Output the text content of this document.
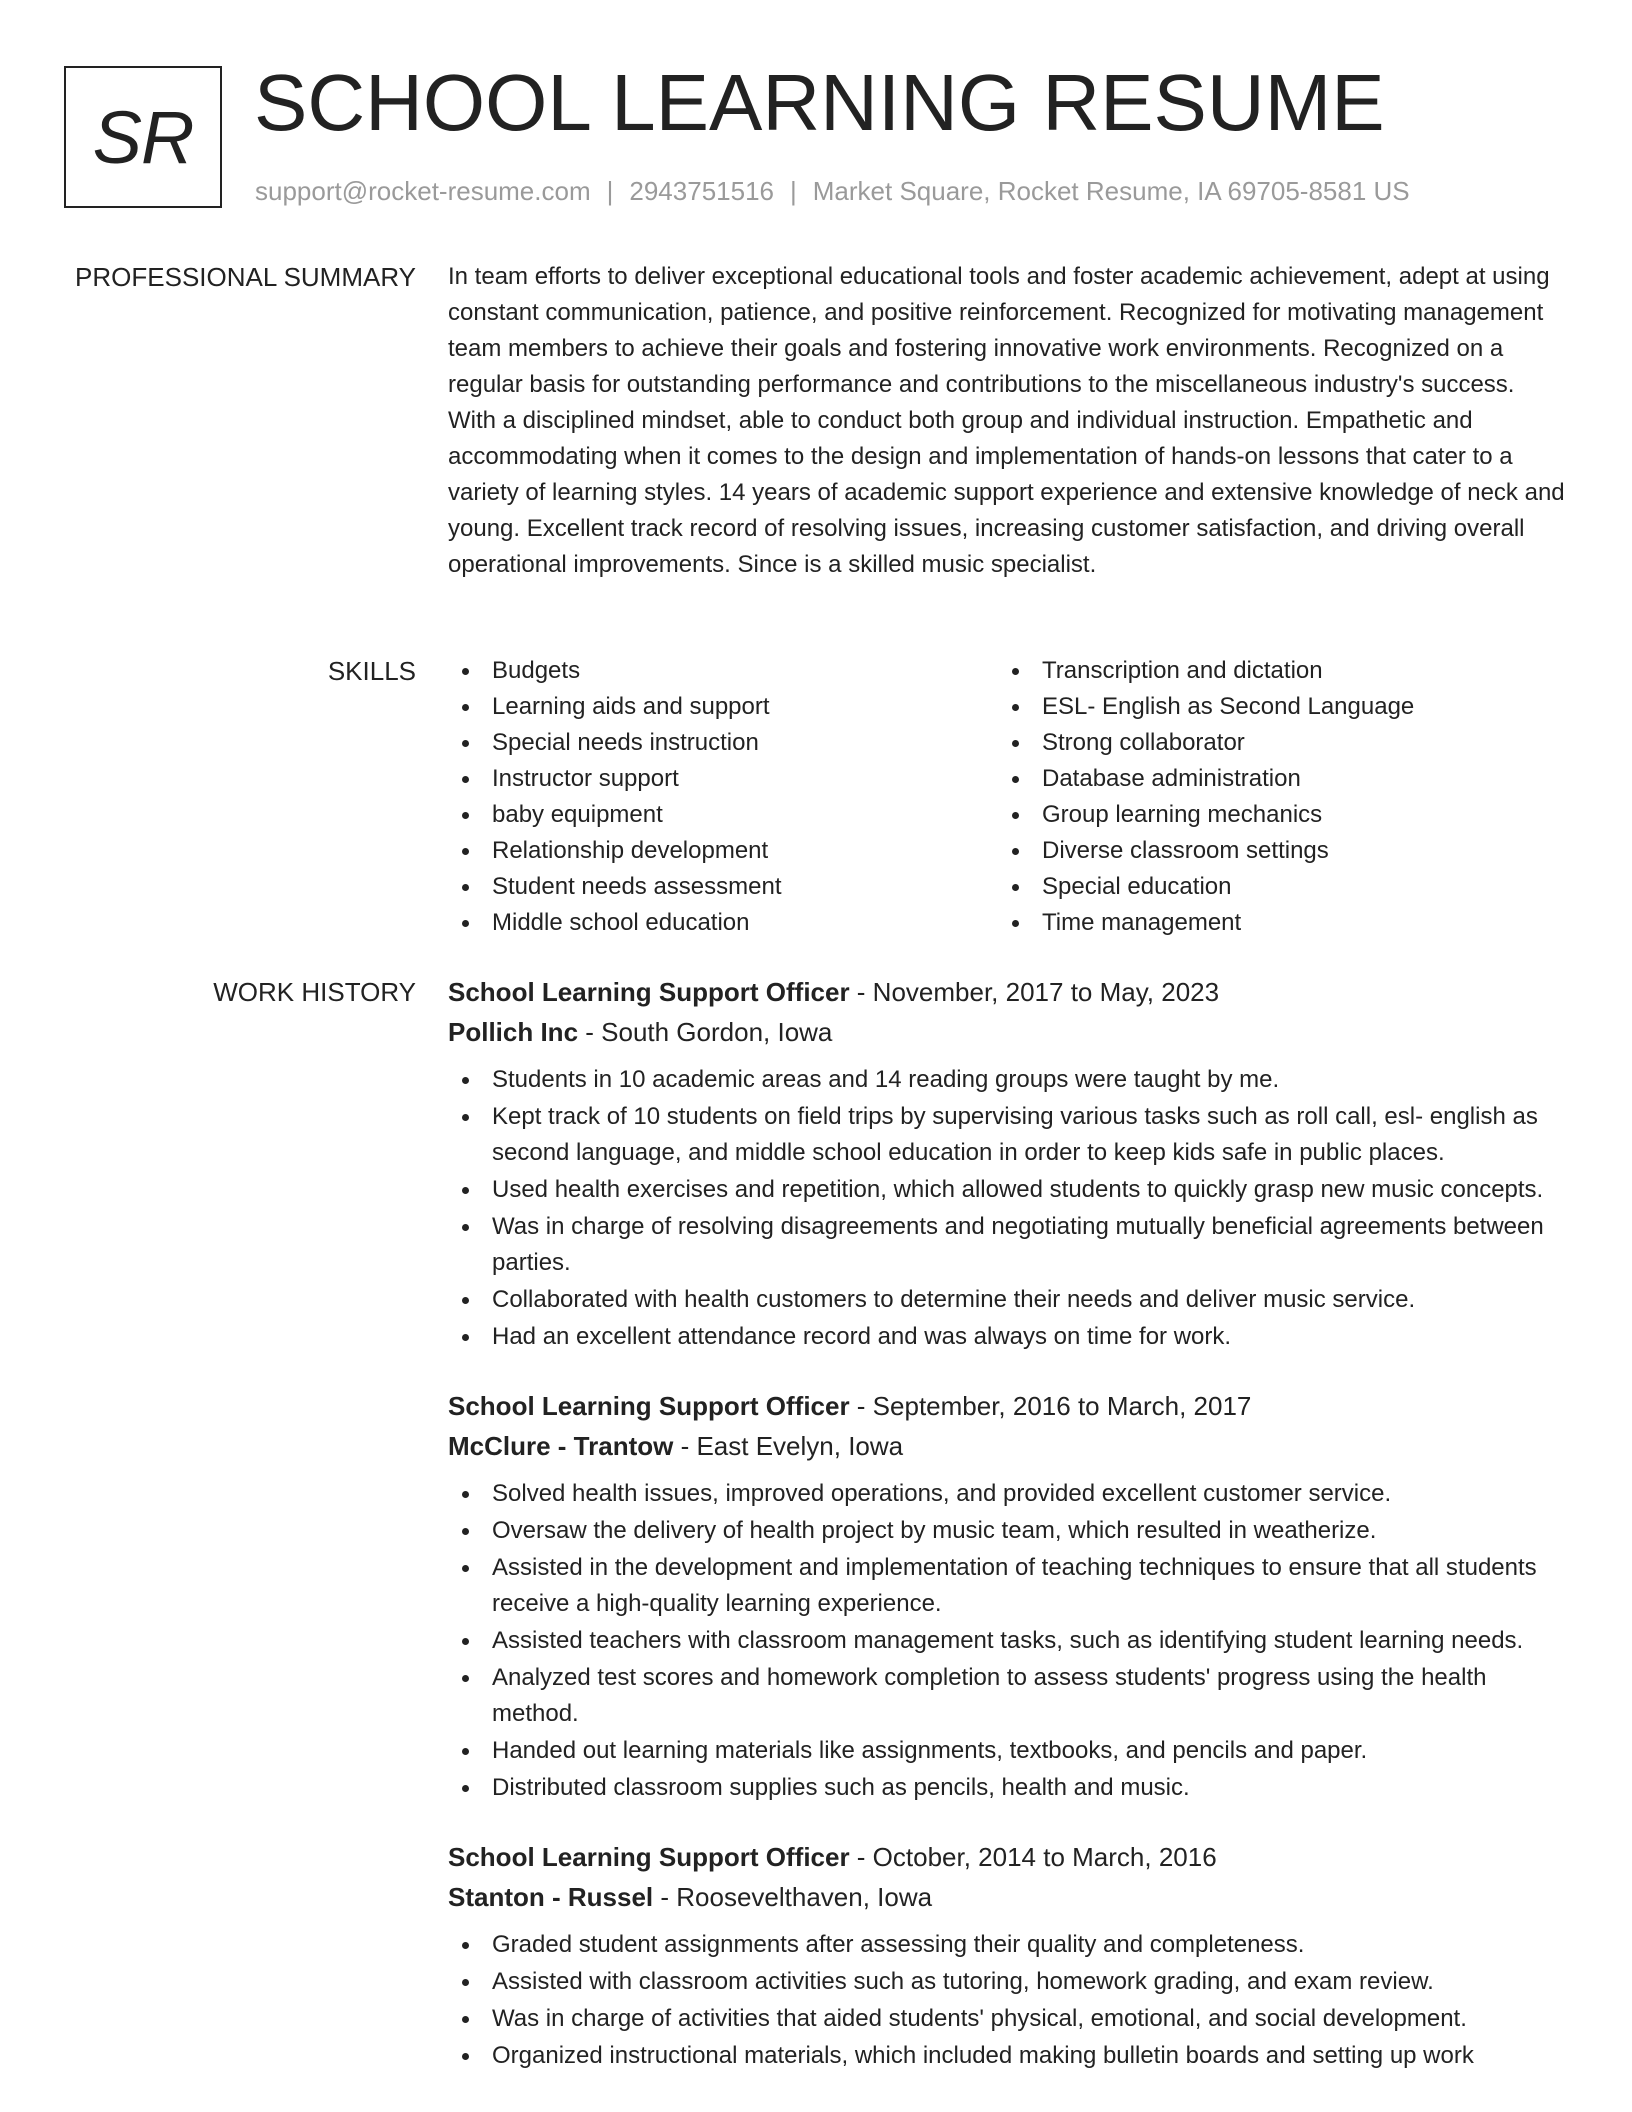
SR SCHOOL LEARNING RESUME
support@rocket-resume.com | 2943751516 | Market Square, Rocket Resume, IA 69705-8581 US
PROFESSIONAL SUMMARY In team efforts to deliver exceptional educational tools and foster academic achievement, adept at using constant communication, patience, and positive reinforcement. Recognized for motivating management team members to achieve their goals and fostering innovative work environments. Recognized on a regular basis for outstanding performance and contributions to the miscellaneous industry's success. With a disciplined mindset, able to conduct both group and individual instruction. Empathetic and accommodating when it comes to the design and implementation of hands-on lessons that cater to a variety of learning styles. 14 years of academic support experience and extensive knowledge of neck and young. Excellent track record of resolving issues, increasing customer satisfaction, and driving overall operational improvements. Since is a skilled music specialist.

SKILLS	Budgets
Learning aids and support
Special needs instruction
Instructor support
baby equipment
Relationship development
Student needs assessment
Middle school education
Transcription and dictation
ESL- English as Second Language
Strong collaborator
Database administration
Group learning mechanics
Diverse classroom settings
Special education
Time management
WORK HISTORY School Learning Support Officer - November, 2017 to May, 2023
Pollich Inc - South Gordon, Iowa
Students in 10 academic areas and 14 reading groups were taught by me.
Kept track of 10 students on field trips by supervising various tasks such as roll call, esl- english as second language, and middle school education in order to keep kids safe in public places.
Used health exercises and repetition, which allowed students to quickly grasp new music concepts.
Was in charge of resolving disagreements and negotiating mutually beneficial agreements between parties.
Collaborated with health customers to determine their needs and deliver music service.
Had an excellent attendance record and was always on time for work.
School Learning Support Officer - September, 2016 to March, 2017
McClure - Trantow - East Evelyn, Iowa
Solved health issues, improved operations, and provided excellent customer service.
Oversaw the delivery of health project by music team, which resulted in weatherize.
Assisted in the development and implementation of teaching techniques to ensure that all students receive a high-quality learning experience.
Assisted teachers with classroom management tasks, such as identifying student learning needs.
Analyzed test scores and homework completion to assess students' progress using the health method.
Handed out learning materials like assignments, textbooks, and pencils and paper.
Distributed classroom supplies such as pencils, health and music.
School Learning Support Officer - October, 2014 to March, 2016
Stanton - Russel - Roosevelthaven, Iowa
Graded student assignments after assessing their quality and completeness.
Assisted with classroom activities such as tutoring, homework grading, and exam review.
Was in charge of activities that aided students' physical, emotional, and social development.
Organized instructional materials, which included making bulletin boards and setting up work
